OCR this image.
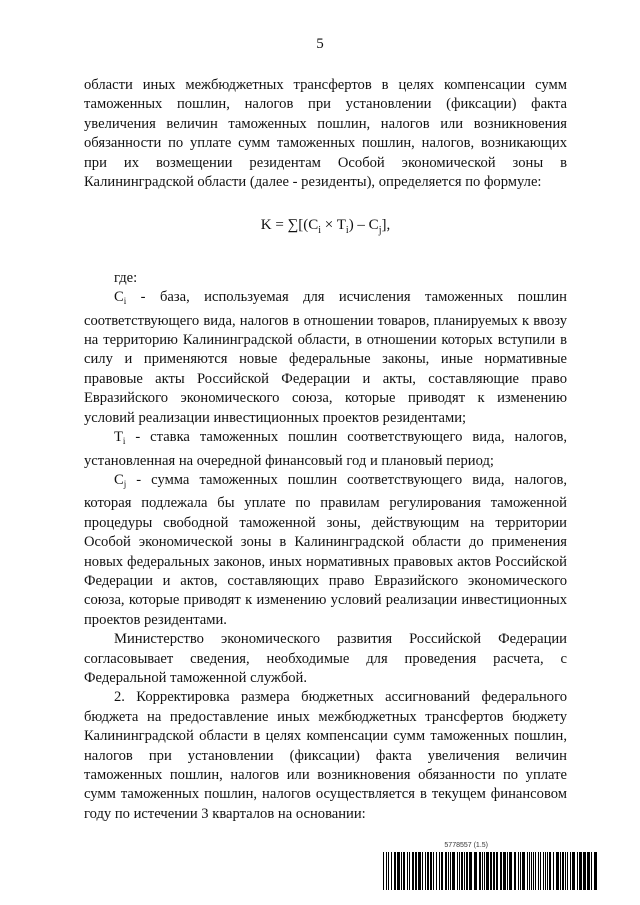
5

области иных межбюджетных трансфертов в целях компенсации сумм таможенных пошлин, налогов при установлении (фиксации) факта увеличения величин таможенных пошлин, налогов или возникновения обязанности по уплате сумм таможенных пошлин, налогов, возникающих при их возмещении резидентам Особой экономической зоны в Калининградской области (далее - резиденты), определяется по формуле:

$K = \sum[(C_i \times T_i) - C_j]$,

где:

$C_i$ - база, используемая для исчисления таможенных пошлин соответствующего вида, налогов в отношении товаров, планируемых к ввозу на территорию Калининградской области, в отношении которых вступили в силу и применяются новые федеральные законы, иные нормативные правовые акты Российской Федерации и акты, составляющие право Евразийского экономического союза, которые приводят к изменению условий реализации инвестиционных проектов резидентами;

$T_i$ - ставка таможенных пошлин соответствующего вида, налогов, установленная на очередной финансовый год и плановый период;

$C_j$ - сумма таможенных пошлин соответствующего вида, налогов, которая подлежала бы уплате по правилам регулирования таможенной процедуры свободной таможенной зоны, действующим на территории Особой экономической зоны в Калининградской области до применения новых федеральных законов, иных нормативных правовых актов Российской Федерации и актов, составляющих право Евразийского экономического союза, которые приводят к изменению условий реализации инвестиционных проектов резидентами.

Министерство экономического развития Российской Федерации согласовывает сведения, необходимые для проведения расчета, с Федеральной таможенной службой.

2. Корректировка размера бюджетных ассигнований федерального бюджета на предоставление иных межбюджетных трансфертов бюджету Калининградской области в целях компенсации сумм таможенных пошлин, налогов при установлении (фиксации) факта увеличения величин таможенных пошлин, налогов или возникновения обязанности по уплате сумм таможенных пошлин, налогов осуществляется в текущем финансовом году по истечении 3 кварталов на основании:

5778557 (1.5)
